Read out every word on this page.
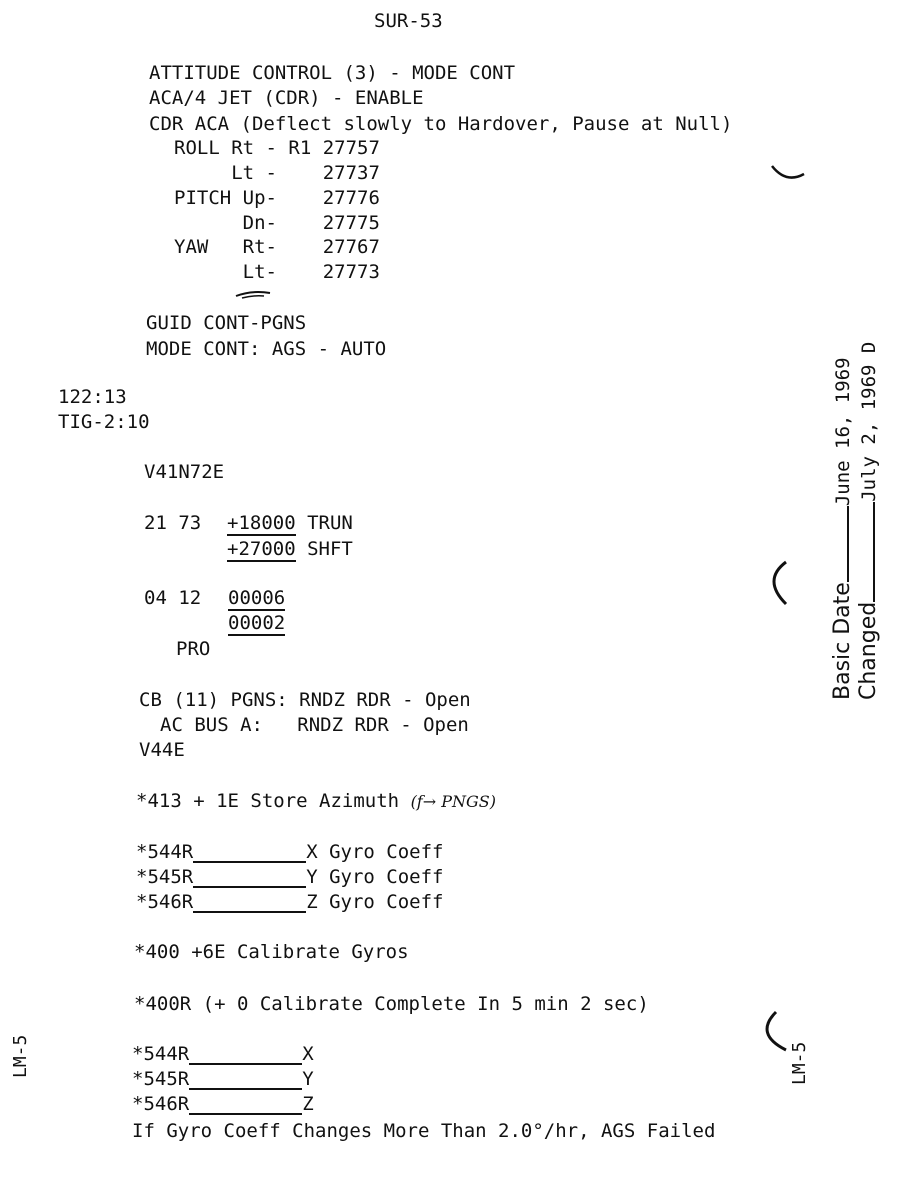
SUR-53
ATTITUDE CONTROL (3) - MODE CONT
ACA/4 JET (CDR) - ENABLE
CDR ACA (Deflect slowly to Hardover, Pause at Null)
ROLL Rt - R1 27757
Lt -    27737
PITCH Up-    27776
Dn-    27775
YAW   Rt-    27767
Lt-    27773
GUID CONT-PGNS
MODE CONT: AGS - AUTO
122:13
TIG-2:10
V41N72E
21 73 +18000 TRUN
+27000 SHFT
04 12 00006
00002
PRO
CB (11) PGNS: RNDZ RDR - Open
AC BUS A:   RNDZ RDR - Open
V44E
*413 + 1E Store Azimuth (f→ PNGS)
*544R	X Gyro Coeff
*545R	Y Gyro Coeff
*546R	Z Gyro Coeff
*400 +6E Calibrate Gyros
*400R (+ 0 Calibrate Complete In 5 min 2 sec)
*544R	X
*545R	Y
*546R	Z
If Gyro Coeff Changes More Than 2.0°/hr, AGS Failed

Basic DateJune 16, 1969

ChangedJuly 2, 1969 D

LM-5	LM-5
